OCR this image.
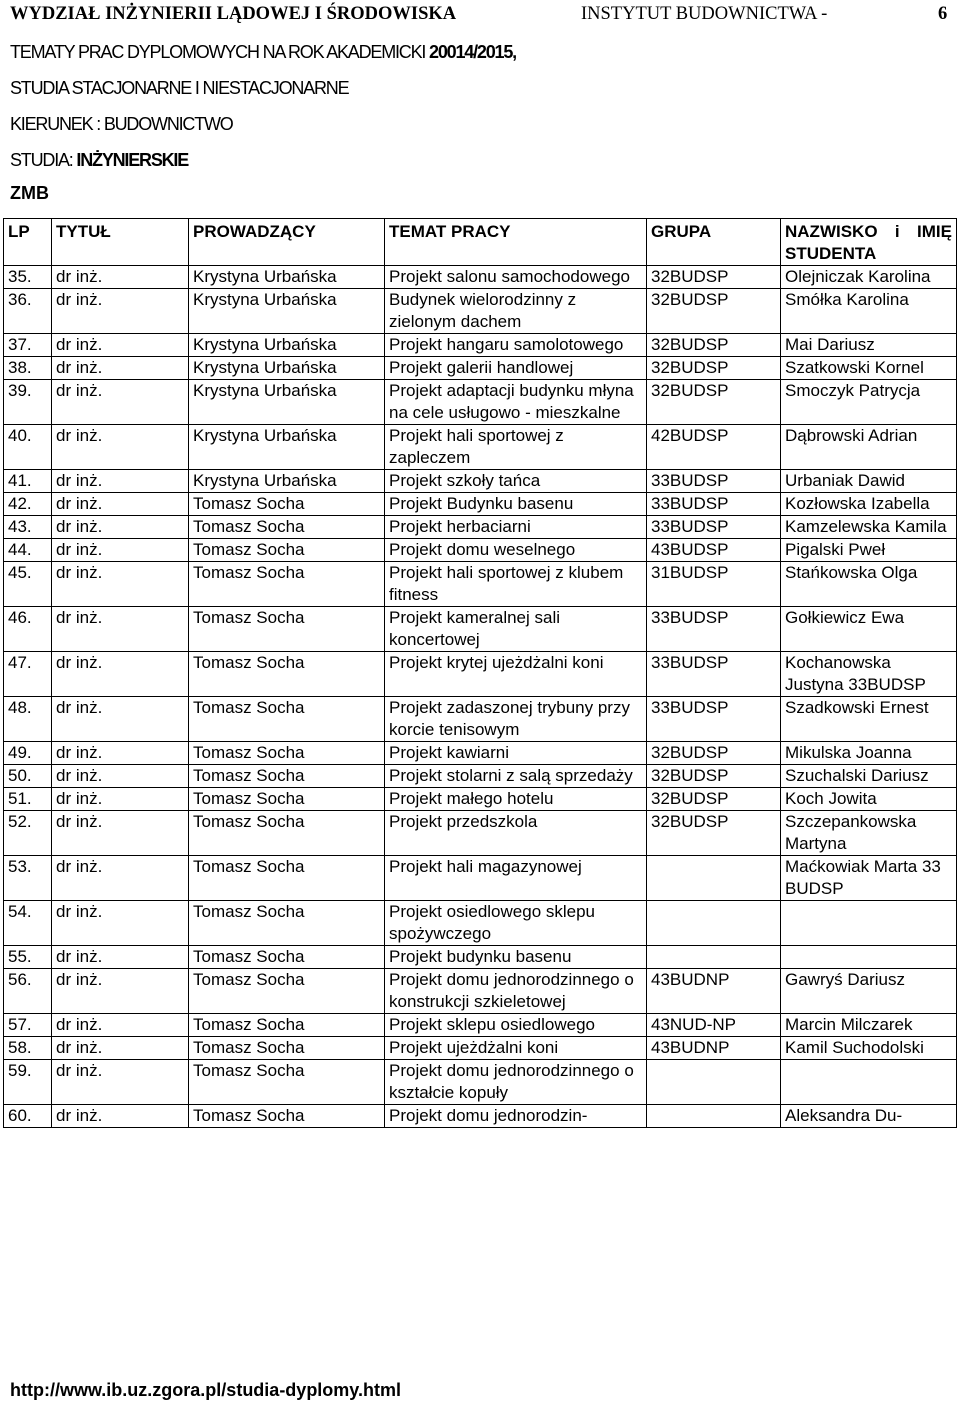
WYDZIAŁ INŻYNIERII LĄDOWEJ I ŚRODOWISKA	INSTYTUT BUDOWNICTWA -	6
TEMATY PRAC DYPLOMOWYCH NA ROK AKADEMICKI 20014/2015,
STUDIA STACJONARNE I NIESTACJONARNE
KIERUNEK : BUDOWNICTWO
STUDIA: INŻYNIERSKIE
ZMB
LP	TYTUŁ	PROWADZĄCY	TEMAT PRACY	GRUPA	NAZWISKO i IMIĘ STUDENTA
35.	dr inż.	Krystyna Urbańska	Projekt salonu samochodowego	32BUDSP	Olejniczak Karolina
36.	dr inż.	Krystyna Urbańska	Budynek wielorodzinny z zielonym dachem	32BUDSP	Smółka Karolina
37.	dr inż.	Krystyna Urbańska	Projekt hangaru samolotowego	32BUDSP	Mai Dariusz
38.	dr inż.	Krystyna Urbańska	Projekt galerii handlowej	32BUDSP	Szatkowski Kornel
39.	dr inż.	Krystyna Urbańska	Projekt adaptacji budynku młyna na cele usługowo - mieszkalne	32BUDSP	Smoczyk Patrycja
40.	dr inż.	Krystyna Urbańska	Projekt hali sportowej z zapleczem	42BUDSP	Dąbrowski Adrian
41.	dr inż.	Krystyna Urbańska	Projekt szkoły tańca	33BUDSP	Urbaniak Dawid
42.	dr inż.	Tomasz Socha	Projekt Budynku basenu	33BUDSP	Kozłowska Izabella
43.	dr inż.	Tomasz Socha	Projekt herbaciarni	33BUDSP	Kamzelewska Kamila
44.	dr inż.	Tomasz Socha	Projekt domu weselnego	43BUDSP	Pigalski Pweł
45.	dr inż.	Tomasz Socha	Projekt hali sportowej z klubem fitness	31BUDSP	Stańkowska Olga
46.	dr inż.	Tomasz Socha	Projekt kameralnej sali koncertowej	33BUDSP	Gołkiewicz Ewa
47.	dr inż.	Tomasz Socha	Projekt krytej ujeżdżalni koni	33BUDSP	Kochanowska Justyna 33BUDSP
48.	dr inż.	Tomasz Socha	Projekt zadaszonej trybuny przy korcie tenisowym	33BUDSP	Szadkowski Ernest
49.	dr inż.	Tomasz Socha	Projekt kawiarni	32BUDSP	Mikulska Joanna
50.	dr inż.	Tomasz Socha	Projekt stolarni z salą sprzedaży	32BUDSP	Szuchalski Dariusz
51.	dr inż.	Tomasz Socha	Projekt małego hotelu	32BUDSP	Koch Jowita
52.	dr inż.	Tomasz Socha	Projekt przedszkola	32BUDSP	Szczepankowska Martyna
53.	dr inż.	Tomasz Socha	Projekt hali magazynowej		Maćkowiak Marta 33 BUDSP
54.	dr inż.	Tomasz Socha	Projekt osiedlowego sklepu spożywczego		
55.	dr inż.	Tomasz Socha	Projekt budynku basenu		
56.	dr inż.	Tomasz Socha	Projekt domu jednorodzinnego o konstrukcji szkieletowej	43BUDNP	Gawryś Dariusz
57.	dr inż.	Tomasz Socha	Projekt sklepu osiedlowego	43NUD-NP	Marcin Milczarek
58.	dr inż.	Tomasz Socha	Projekt ujeżdżalni koni	43BUDNP	Kamil Suchodolski
59.	dr inż.	Tomasz Socha	Projekt domu jednorodzinnego o kształcie kopuły		
60.	dr inż.	Tomasz Socha	Projekt domu jednorodzin-		Aleksandra Du-
http://www.ib.uz.zgora.pl/studia-dyplomy.html
